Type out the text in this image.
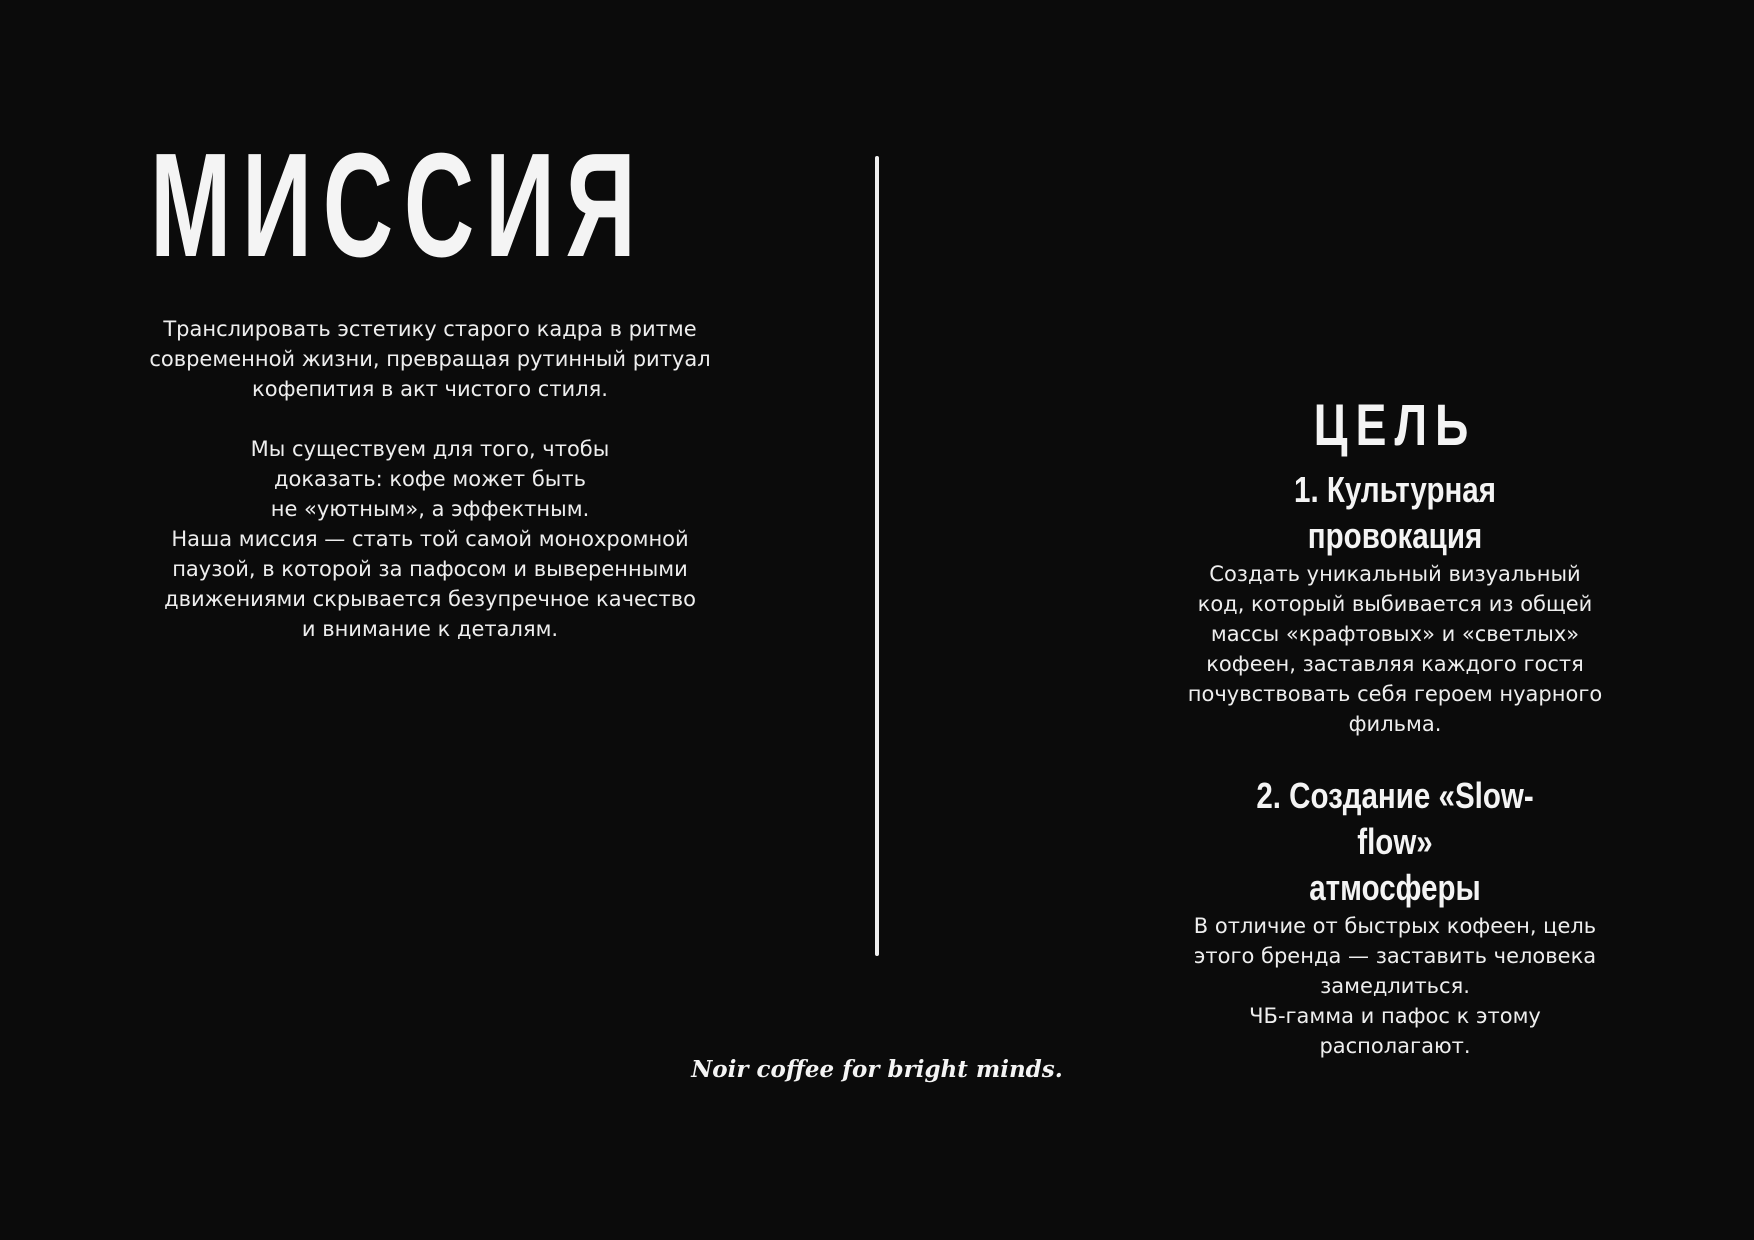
МИССИЯ

Транслировать эстетику старого кадра в ритме
современной жизни, превращая рутинный ритуал
кофепития в акт чистого стиля.

Мы существуем для того, чтобы
доказать: кофе может быть
не «уютным», а эффектным.
Наша миссия — стать той самой монохромной
паузой, в которой за пафосом и выверенными
движениями скрывается безупречное качество
и внимание к деталям.

ЦЕЛЬ
1. Культурная провокация
Создать уникальный визуальный
код, который выбивается из общей
массы «крафтовых» и «светлых»
кофеен, заставляя каждого гостя
почувствовать себя героем нуарного
фильма.
2. Создание «Slow-flow»
атмосферы
В отличие от быстрых кофеен, цель
этого бренда — заставить человека
замедлиться.
ЧБ-гамма и пафос к этому
располагают.
Noir coffee for bright minds.
